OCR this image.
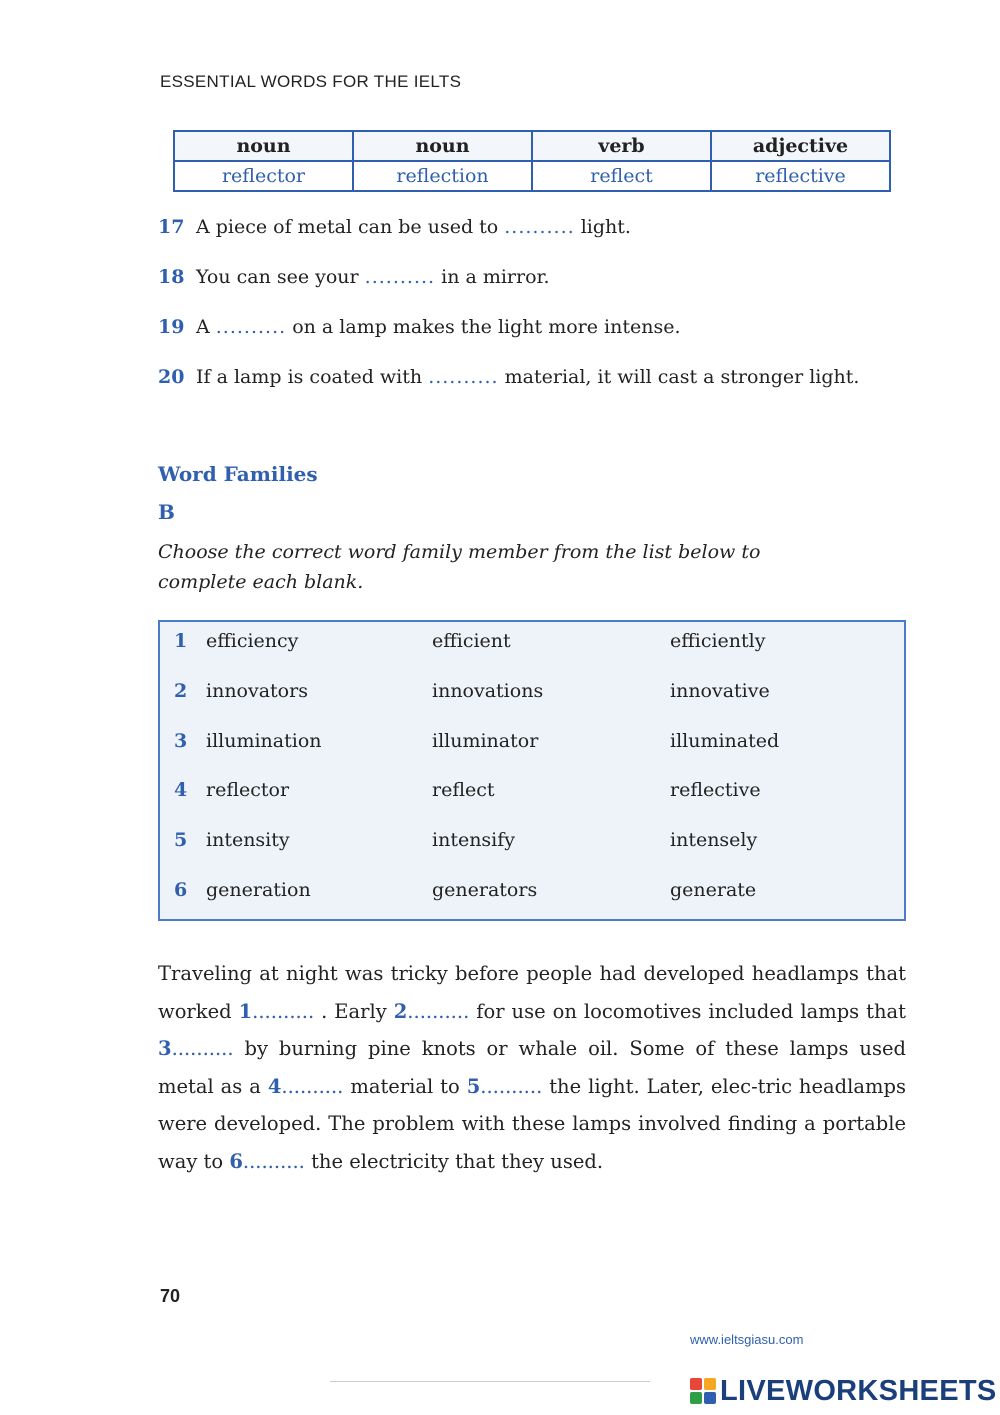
ESSENTIAL WORDS FOR THE IELTS
noun	noun	verb	adjective
reflector	reflection	reflect	reflective
17 A piece of metal can be used to .......... light.
18 You can see your .......... in a mirror.
19 A .......... on a lamp makes the light more intense.
20 If a lamp is coated with .......... material, it will cast a stronger light.
Word Families
B
Choose the correct word family member from the list below to complete each blank.
1 efficiency	efficient	efficiently
2 innovators	innovations	innovative
3 illumination	illuminator	illuminated
4 reflector	reflect	reflective
5 intensity	intensify	intensely
6 generation	generators	generate
Traveling at night was tricky before people had developed headlamps that worked 1.......... . Early 2.......... for use on locomotives included lamps that 3.......... by burning pine knots or whale oil. Some of these lamps used metal as a 4.......... material to 5.......... the light. Later, elec-tric headlamps were developed. The problem with these lamps involved finding a portable way to 6.......... the electricity that they used.
70
www.ieltsgiasu.com
LIVEWORKSHEETS
